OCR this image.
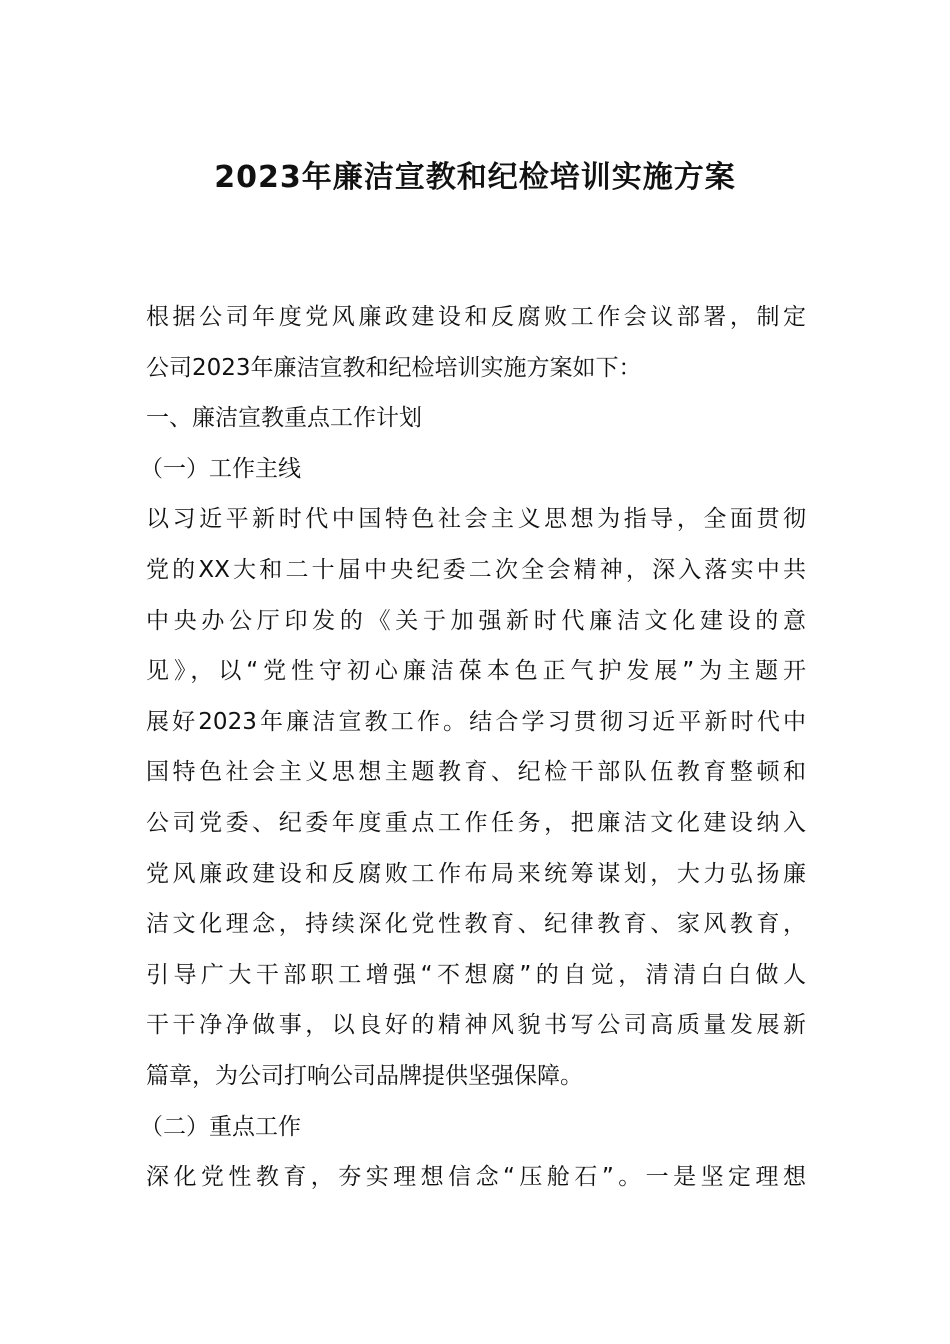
2023年廉洁宣教和纪检培训实施方案
根据公司年度党风廉政建设和反腐败工作会议部署，制定
公司2023年廉洁宣教和纪检培训实施方案如下：
一、廉洁宣教重点工作计划
（一）工作主线
以习近平新时代中国特色社会主义思想为指导，全面贯彻
党的XX大和二十届中央纪委二次全会精神，深入落实中共
中央办公厅印发的《关于加强新时代廉洁文化建设的意
见》，以“党性守初心廉洁葆本色正气护发展”为主题开
展好2023年廉洁宣教工作。结合学习贯彻习近平新时代中
国特色社会主义思想主题教育、纪检干部队伍教育整顿和
公司党委、纪委年度重点工作任务，把廉洁文化建设纳入
党风廉政建设和反腐败工作布局来统筹谋划，大力弘扬廉
洁文化理念，持续深化党性教育、纪律教育、家风教育，
引导广大干部职工增强“不想腐”的自觉，清清白白做人
干干净净做事，以良好的精神风貌书写公司高质量发展新
篇章，为公司打响公司品牌提供坚强保障。
（二）重点工作
深化党性教育，夯实理想信念“压舱石”。一是坚定理想
